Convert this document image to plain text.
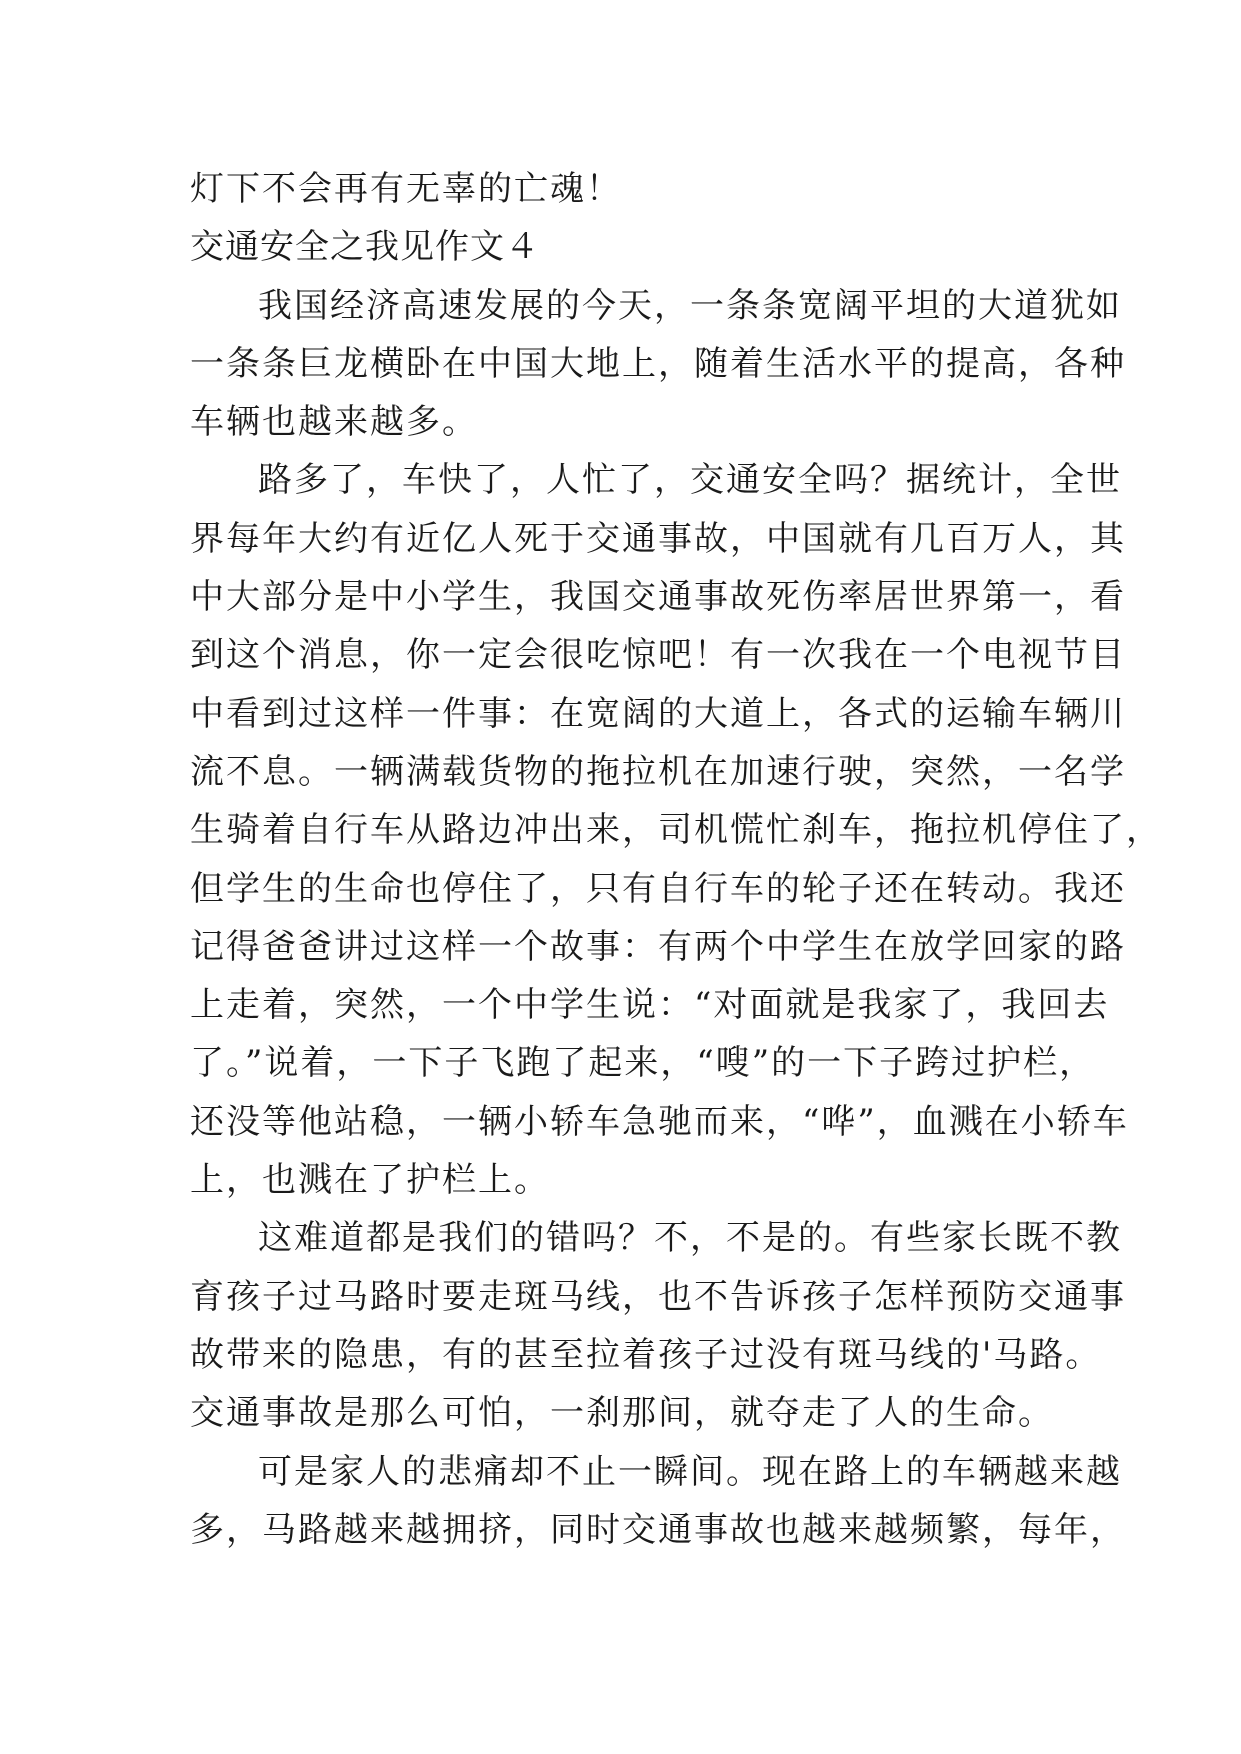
灯下不会再有无辜的亡魂！

交通安全之我见作文４

我国经济高速发展的今天，一条条宽阔平坦的大道犹如

一条条巨龙横卧在中国大地上，随着生活水平的提高，各种

车辆也越来越多。

路多了，车快了，人忙了，交通安全吗？据统计，全世

界每年大约有近亿人死于交通事故，中国就有几百万人，其

中大部分是中小学生，我国交通事故死伤率居世界第一，看

到这个消息，你一定会很吃惊吧！有一次我在一个电视节目

中看到过这样一件事：在宽阔的大道上，各式的运输车辆川

流不息。一辆满载货物的拖拉机在加速行驶，突然，一名学

生骑着自行车从路边冲出来，司机慌忙刹车，拖拉机停住了，

但学生的生命也停住了，只有自行车的轮子还在转动。我还

记得爸爸讲过这样一个故事：有两个中学生在放学回家的路

上走着，突然，一个中学生说：“对面就是我家了，我回去

了。”说着，一下子飞跑了起来，“嗖”的一下子跨过护栏，

还没等他站稳，一辆小轿车急驰而来，“哗”，血溅在小轿车

上，也溅在了护栏上。

这难道都是我们的错吗？不，不是的。有些家长既不教

育孩子过马路时要走斑马线，也不告诉孩子怎样预防交通事

故带来的隐患，有的甚至拉着孩子过没有斑马线的'马路。

交通事故是那么可怕，一刹那间，就夺走了人的生命。

可是家人的悲痛却不止一瞬间。现在路上的车辆越来越

多，马路越来越拥挤，同时交通事故也越来越频繁，每年，
